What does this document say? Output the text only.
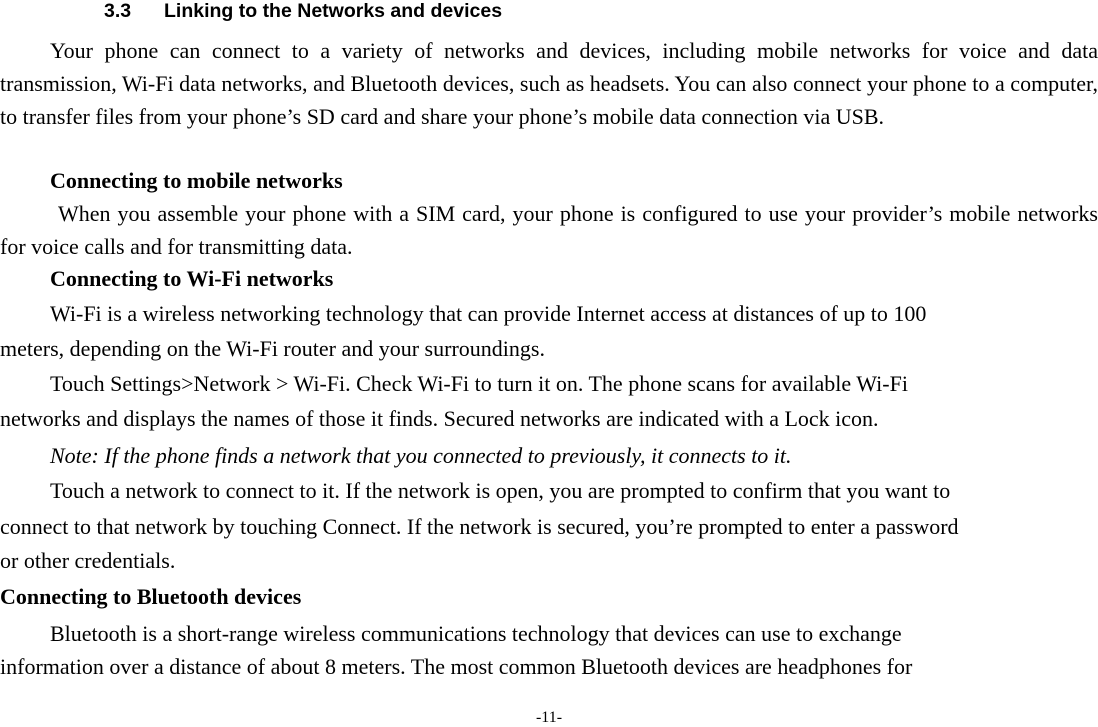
3.3 Linking to the Networks and devices
Your phone can connect to a variety of networks and devices, including mobile networks for voice and data transmission, Wi-Fi data networks, and Bluetooth devices, such as headsets. You can also connect your phone to a computer, to transfer files from your phone’s SD card and share your phone’s mobile data connection via USB.
Connecting to mobile networks
When you assemble your phone with a SIM card, your phone is configured to use your provider’s mobile networks for voice calls and for transmitting data.
Connecting to Wi-Fi networks
Wi-Fi is a wireless networking technology that can provide Internet access at distances of up to 100
meters, depending on the Wi-Fi router and your surroundings.
Touch Settings>Network > Wi-Fi. Check Wi-Fi to turn it on. The phone scans for available Wi-Fi
networks and displays the names of those it finds. Secured networks are indicated with a Lock icon.
Note: If the phone finds a network that you connected to previously, it connects to it.
Touch a network to connect to it. If the network is open, you are prompted to confirm that you want to
connect to that network by touching Connect. If the network is secured, you’re prompted to enter a password
or other credentials.
Connecting to Bluetooth devices
Bluetooth is a short-range wireless communications technology that devices can use to exchange
information over a distance of about 8 meters. The most common Bluetooth devices are headphones for
-11-
